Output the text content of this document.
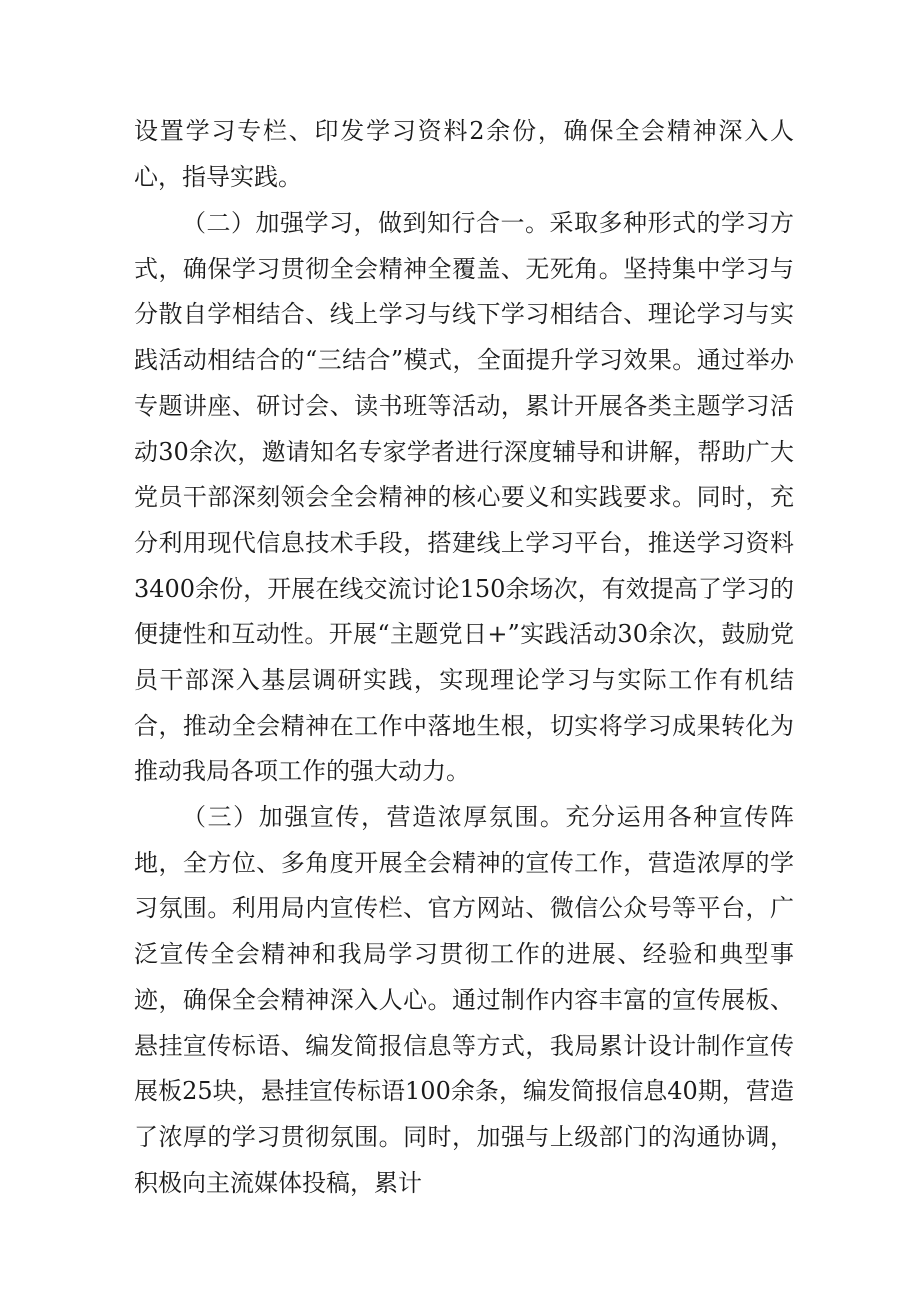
设置学习专栏、印发学习资料2余份，确保全会精神深入人心，指导实践。

（二）加强学习，做到知行合一。采取多种形式的学习方式，确保学习贯彻全会精神全覆盖、无死角。坚持集中学习与分散自学相结合、线上学习与线下学习相结合、理论学习与实践活动相结合的“三结合”模式，全面提升学习效果。通过举办专题讲座、研讨会、读书班等活动，累计开展各类主题学习活动30余次，邀请知名专家学者进行深度辅导和讲解，帮助广大党员干部深刻领会全会精神的核心要义和实践要求。同时，充分利用现代信息技术手段，搭建线上学习平台，推送学习资料3400余份，开展在线交流讨论150余场次，有效提高了学习的便捷性和互动性。开展“主题党日+”实践活动30余次，鼓励党员干部深入基层调研实践，实现理论学习与实际工作有机结合，推动全会精神在工作中落地生根，切实将学习成果转化为推动我局各项工作的强大动力。

（三）加强宣传，营造浓厚氛围。充分运用各种宣传阵地，全方位、多角度开展全会精神的宣传工作，营造浓厚的学习氛围。利用局内宣传栏、官方网站、微信公众号等平台，广泛宣传全会精神和我局学习贯彻工作的进展、经验和典型事迹，确保全会精神深入人心。通过制作内容丰富的宣传展板、悬挂宣传标语、编发简报信息等方式，我局累计设计制作宣传展板25块，悬挂宣传标语100余条，编发简报信息40期，营造了浓厚的学习贯彻氛围。同时，加强与上级部门的沟通协调，积极向主流媒体投稿，累计
